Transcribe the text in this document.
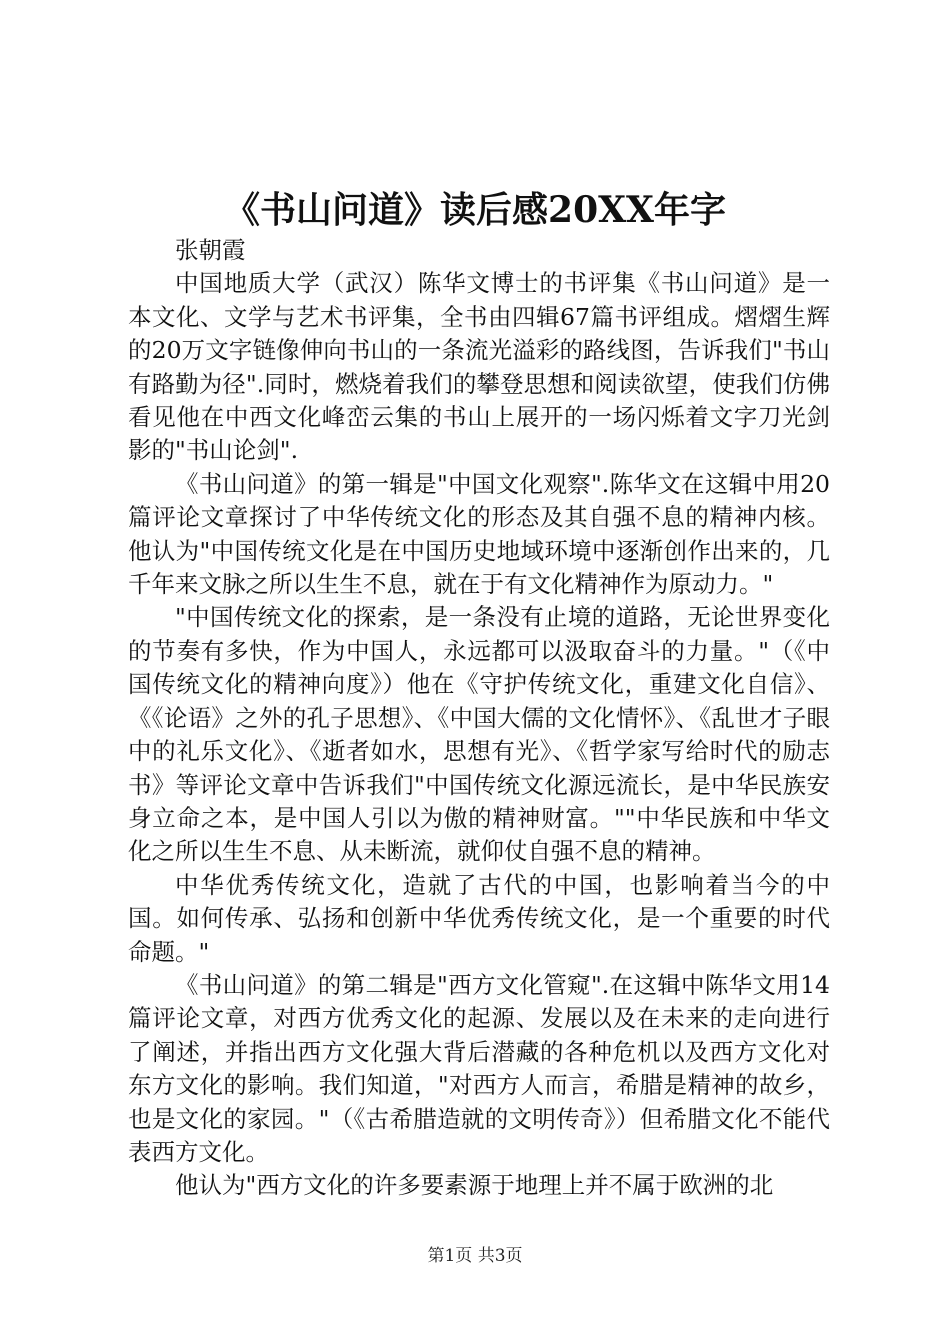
《书山问道》读后感20XX年字

张朝霞

中国地质大学（武汉）陈华文博士的书评集《书山问道》是一本文化、文学与艺术书评集，全书由四辑67篇书评组成。熠熠生辉的20万文字链像伸向书山的一条流光溢彩的路线图，告诉我们"书山有路勤为径".同时，燃烧着我们的攀登思想和阅读欲望，使我们仿佛看见他在中西文化峰峦云集的书山上展开的一场闪烁着文字刀光剑影的"书山论剑".

《书山问道》的第一辑是"中国文化观察".陈华文在这辑中用20篇评论文章探讨了中华传统文化的形态及其自强不息的精神内核。他认为"中国传统文化是在中国历史地域环境中逐渐创作出来的，几千年来文脉之所以生生不息，就在于有文化精神作为原动力。"

"中国传统文化的探索，是一条没有止境的道路，无论世界变化的节奏有多快，作为中国人，永远都可以汲取奋斗的力量。"（《中国传统文化的精神向度》）他在《守护传统文化，重建文化自信》、《《论语》之外的孔子思想》、《中国大儒的文化情怀》、《乱世才子眼中的礼乐文化》、《逝者如水，思想有光》、《哲学家写给时代的励志书》等评论文章中告诉我们"中国传统文化源远流长，是中华民族安身立命之本，是中国人引以为傲的精神财富。""中华民族和中华文化之所以生生不息、从未断流，就仰仗自强不息的精神。

中华优秀传统文化，造就了古代的中国，也影响着当今的中国。如何传承、弘扬和创新中华优秀传统文化，是一个重要的时代命题。"

《书山问道》的第二辑是"西方文化管窥".在这辑中陈华文用14篇评论文章，对西方优秀文化的起源、发展以及在未来的走向进行了阐述，并指出西方文化强大背后潜藏的各种危机以及西方文化对东方文化的影响。我们知道，"对西方人而言，希腊是精神的故乡，也是文化的家园。"（《古希腊造就的文明传奇》）但希腊文化不能代表西方文化。

他认为"西方文化的许多要素源于地理上并不属于欧洲的北

第1页 共3页
